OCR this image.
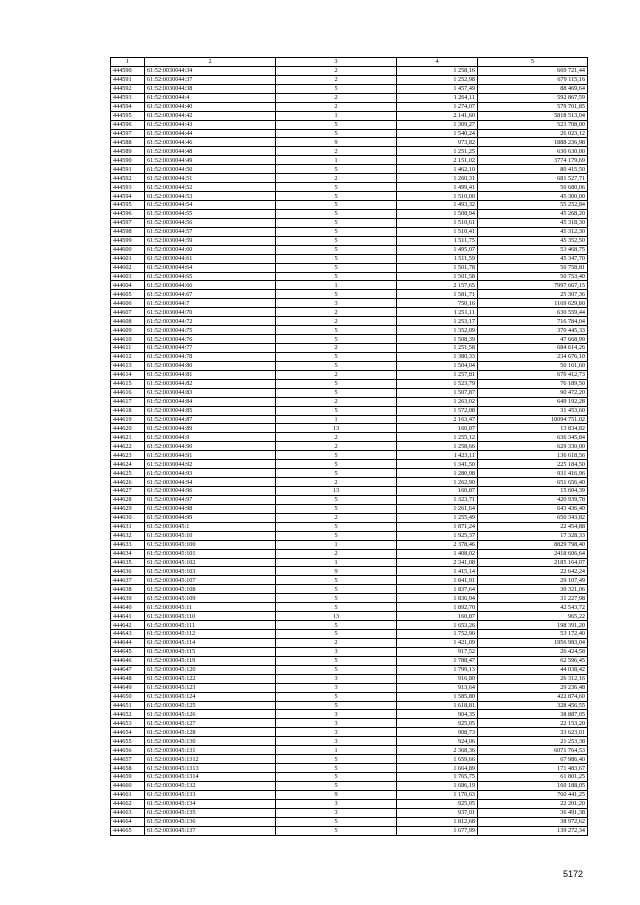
1	2	3	4	5
444590	61:52:0030044:34	2	1 258,16	669 721,44
444591	61:52:0030044:37	2	1 252,98	679 115,16
444592	61:52:0030044:38	5	1 457,49	88 469,64
444593	61:52:0030044:4	2	1 264,11	592 867,59
444594	61:52:0030044:40	2	1 274,07	579 701,85
444595	61:52:0030044:42	1	2 141,60	5818 513,04
444596	61:52:0030044:43	5	1 309,27	523 708,00
444597	61:52:0030044:44	5	1 540,24	26 023,12
444588	61:52:0030044:46	9	973,82	1888 236,98
444589	61:52:0030044:48	2	1 251,25	630 630,00
444590	61:52:0030044:49	1	2 151,02	3774 179,69
444591	61:52:0030044:50	5	1 462,10	80 415,50
444592	61:52:0030044:51	2	1 260,31	681 527,71
444593	61:52:0030044:52	5	1 499,41	50 680,06
444594	61:52:0030044:53	5	1 510,00	45 300,00
444595	61:52:0030044:54	5	1 493,32	55 252,84
444596	61:52:0030044:55	5	1 508,94	45 268,20
444597	61:52:0030044:56	5	1 510,61	45 318,30
444598	61:52:0030044:57	5	1 510,41	45 312,30
444599	61:52:0030044:59	5	1 511,75	45 352,50
444600	61:52:0030044:60	5	1 495,07	53 468,75
444601	61:52:0030044:61	5	1 511,59	45 347,70
444602	61:52:0030044:64	5	1 501,78	50 758,81
444603	61:52:0030044:65	5	1 501,58	50 753,40
444604	61:52:0030044:66	1	2 157,65	7997 667,15
444605	61:52:0030044:67	5	1 581,71	25 307,36
444606	61:52:0030044:7	3	750,16	1169 629,80
444607	61:52:0030044:70	2	1 251,11	630 559,44
444608	61:52:0030044:72	2	1 253,17	716 784,04
444609	61:52:0030044:75	5	1 352,09	370 445,33
444610	61:52:0030044:76	5	1 508,39	47 668,99
444611	61:52:0030044:77	2	1 251,58	684 614,26
444612	61:52:0030044:78	5	1 380,33	234 676,10
444613	61:52:0030044:80	5	1 504,04	50 161,60
444614	61:52:0030044:81	2	1 257,81	670 412,73
444615	61:52:0030044:82	5	1 523,79	76 189,50
444616	61:52:0030044:83	5	1 507,87	90 472,20
444617	61:52:0030044:84	2	1 263,02	649 192,28
444618	61:52:0030044:85	5	1 572,08	31 453,60
444619	61:52:0030044:87	1	2 163,47	10094 751,02
444620	61:52:0030044:89	13	160,87	13 834,82
444621	61:52:0030044:9	2	1 255,12	636 345,84
444622	61:52:0030044:90	2	1 258,66	629 330,00
444623	61:52:0030044:91	5	1 423,11	136 618,56
444624	61:52:0030044:92	5	1 341,50	225 184,50
444625	61:52:0030044:93	5	1 280,08	931 416,96
444626	61:52:0030044:94	2	1 262,90	651 656,40
444627	61:52:0030044:96	13	160,87	15 604,39
444628	61:52:0030044:97	5	1 323,71	420 939,78
444629	61:52:0030044:98	5	1 261,64	643 436,40
444630	61:52:0030044:99	2	1 255,49	650 343,82
444631	61:52:0030045:1	5	1 871,24	22 454,88
444632	61:52:0030045:10	5	1 925,37	17 328,33
444633	61:52:0030045:100	1	2 378,46	8829 798,40
444634	61:52:0030045:101	2	1 408,02	2418 606,64
444635	61:52:0030045:102	1	2 341,08	2185 164,07
444636	61:52:0030045:103	9	1 415,14	22 642,24
444637	61:52:0030045:107	5	1 841,91	29 107,49
444638	61:52:0030045:108	5	1 837,64	30 321,06
444639	61:52:0030045:109	5	1 836,94	31 227,98
444640	61:52:0030045:11	5	1 892,70	42 543,72
444641	61:52:0030045:110	13	160,87	965,22
444642	61:52:0030045:111	5	1 653,26	198 391,20
444643	61:52:0030045:112	5	1 752,90	53 172,40
444644	61:52:0030045:114	2	1 421,09	1956 983,04
444645	61:52:0030045:115	3	917,52	26 424,58
444646	61:52:0030045:119	5	1 788,47	62 596,45
444647	61:52:0030045:120	5	1 799,13	44 038,42
444648	61:52:0030045:122	3	916,80	26 312,16
444649	61:52:0030045:123	3	913,64	29 236,48
444650	61:52:0030045:124	5	1 585,80	422 874,60
444651	61:52:0030045:125	5	1 618,81	328 456,55
444652	61:52:0030045:126	3	904,35	38 887,05
444653	61:52:0030045:127	3	925,05	22 153,20
444654	61:52:0030045:128	3	908,73	33 623,01
444655	61:52:0030045:130	3	924,06	21 253,38
444656	61:52:0030045:131	1	2 368,36	6071 764,53
444657	61:52:0030045:1312	5	1 659,66	67 986,40
444658	61:52:0030045:1313	5	1 664,89	171 483,67
444659	61:52:0030045:1314	5	1 765,75	61 801,25
444660	61:52:0030045:132	5	1 686,19	160 188,05
444661	61:52:0030045:133	9	1 170,63	760 441,25
444662	61:52:0030045:134	3	925,05	22 201,20
444663	61:52:0030045:135	3	937,01	36 491,38
444664	61:52:0030045:136	5	1 812,68	38 972,62
444665	61:52:0030045:137	5	1 677,99	139 272,34
5172
